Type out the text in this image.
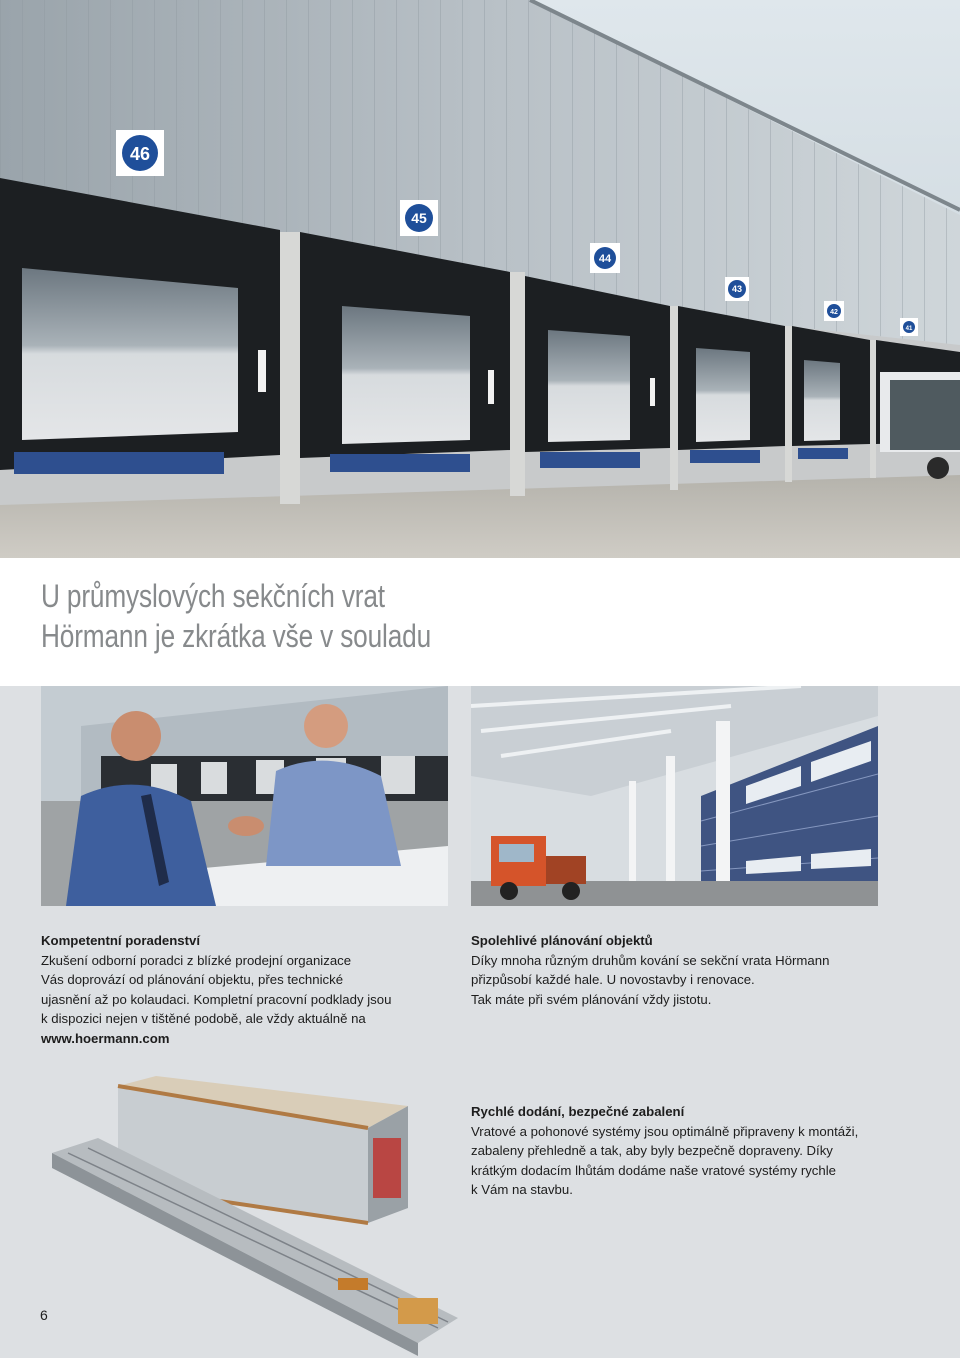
46
45
44
43
42
41
U průmyslových sekčních vrat
Hörmann je zkrátka vše v souladu
Kompetentní poradenství
Zkušení odborní poradci z blízké prodejní organizace
Vás doprovází od plánování objektu, přes technické
ujasnění až po kolaudaci. Kompletní pracovní podklady jsou
k dispozici nejen v tištěné podobě, ale vždy aktuálně na
www.hoermann.com
Spolehlivé plánování objektů
Díky mnoha různým druhům kování se sekční vrata Hörmann
přizpůsobí každé hale. U novostavby i renovace.
Tak máte při svém plánování vždy jistotu.
Rychlé dodání, bezpečné zabalení
Vratové a pohonové systémy jsou optimálně připraveny k montáži,
zabaleny přehledně a tak, aby byly bezpečně dopraveny. Díky
krátkým dodacím lhůtám dodáme naše vratové systémy rychle
k Vám na stavbu.
6
